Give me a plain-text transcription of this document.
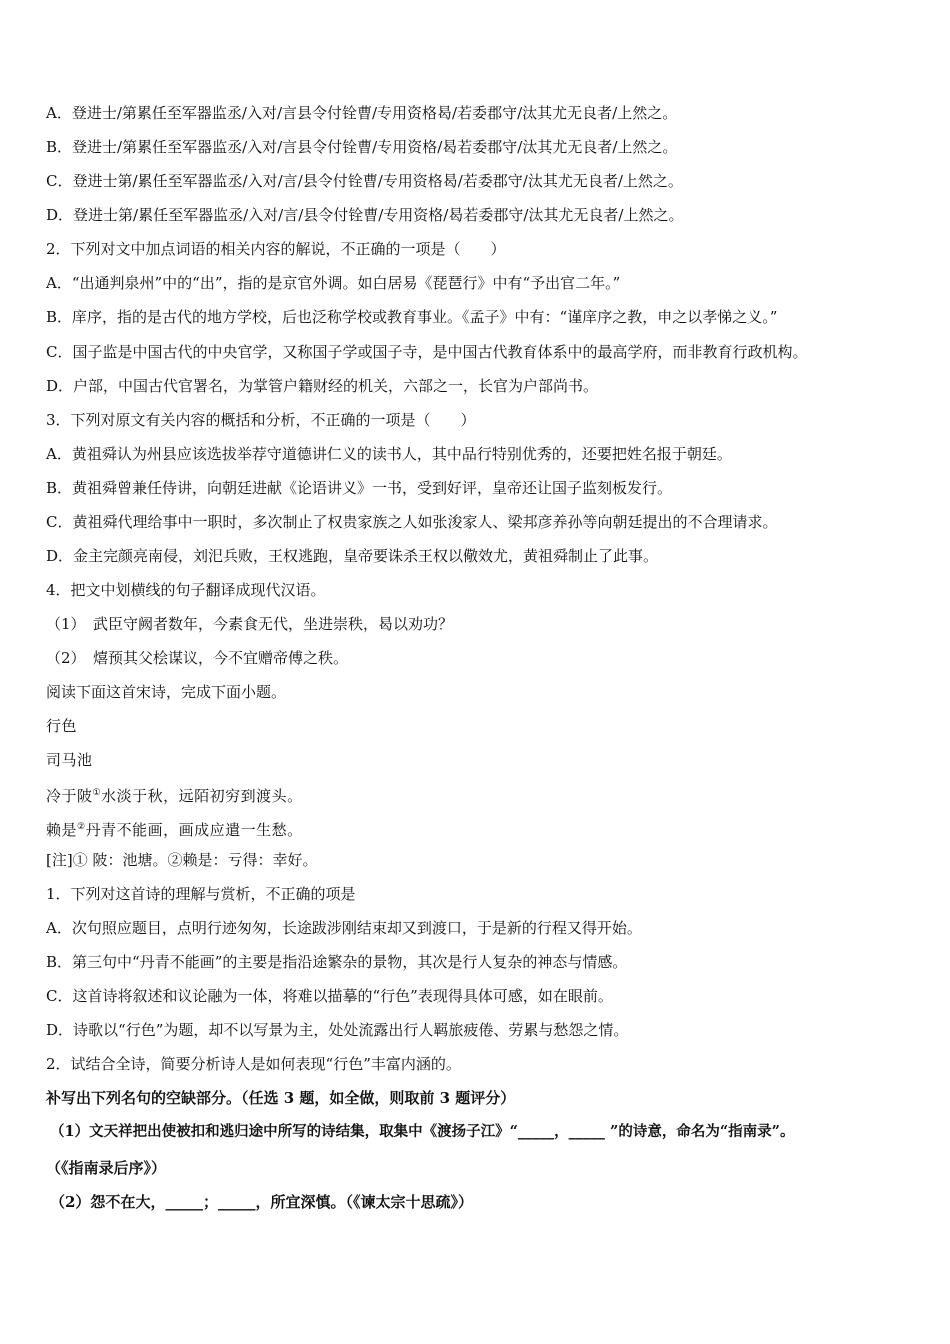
A．登进士/第累任至军器监丞/入对/言县令付铨曹/专用资格曷/若委郡守/汰其尤无良者/上然之。
B．登进士/第累任至军器监丞/入对/言县令付铨曹/专用资格/曷若委郡守/汰其尤无良者/上然之。
C．登进士第/累任至军器监丞/入对/言/县令付铨曹/专用资格曷/若委郡守/汰其尤无良者/上然之。
D．登进士第/累任至军器监丞/入对/言/县令付铨曹/专用资格/曷若委郡守/汰其尤无良者/上然之。
2．下列对文中加点词语的相关内容的解说，不正确的一项是（　　）
A．“出通判泉州”中的“出”，指的是京官外调。如白居易《琵琶行》中有“予出官二年。”
B．庠序，指的是古代的地方学校，后也泛称学校或教育事业。《孟子》中有：“谨庠序之教，申之以孝悌之义。”
C．国子监是中国古代的中央官学，又称国子学或国子寺，是中国古代教育体系中的最高学府，而非教育行政机构。
D．户部，中国古代官署名，为掌管户籍财经的机关，六部之一，长官为户部尚书。
3．下列对原文有关内容的概括和分析，不正确的一项是（　　）
A．黄祖舜认为州县应该选拔举荐守道德讲仁义的读书人，其中品行特别优秀的，还要把姓名报于朝廷。
B．黄祖舜曾兼任侍讲，向朝廷进献《论语讲义》一书，受到好评，皇帝还让国子监刻板发行。
C．黄祖舜代理给事中一职时，多次制止了权贵家族之人如张浚家人、梁邦彦养孙等向朝廷提出的不合理请求。
D．金主完颜亮南侵，刘汜兵败，王权逃跑，皇帝要诛杀王权以儆效尤，黄祖舜制止了此事。
4．把文中划横线的句子翻译成现代汉语。
（1）　武臣守阙者数年，今素食无代，坐进崇秩，曷以劝功？
（2）　熺预其父桧谋议，今不宜赠帝傅之秩。
阅读下面这首宋诗，完成下面小题。
行色
司马池
冷于陂①水淡于秋，远陌初穷到渡头。
赖是②丹青不能画，画成应遣一生愁。
[注]① 陂：池塘。②赖是：亏得：幸好。
1．下列对这首诗的理解与赏析，不正确的项是
A．次句照应题目，点明行迹匆匆，长途跋涉刚结束却又到渡口，于是新的行程又得开始。
B．第三句中“丹青不能画”的主要是指沿途繁杂的景物，其次是行人复杂的神态与情感。
C．这首诗将叙述和议论融为一体，将难以描摹的“行色”表现得具体可感，如在眼前。
D．诗歌以“行色”为题，却不以写景为主，处处流露出行人羁旅疲倦、劳累与愁怨之情。
2．试结合全诗，简要分析诗人是如何表现“行色”丰富内涵的。
补写出下列名句的空缺部分。（任选 3 题，如全做，则取前 3 题评分）
（1）文天祥把出使被扣和逃归途中所写的诗结集，取集中《渡扬子江》“_____，_____ ”的诗意，命名为“指南录”。
（《指南录后序》）
（2）怨不在大，_____；_____，所宜深慎。（《谏太宗十思疏》）
